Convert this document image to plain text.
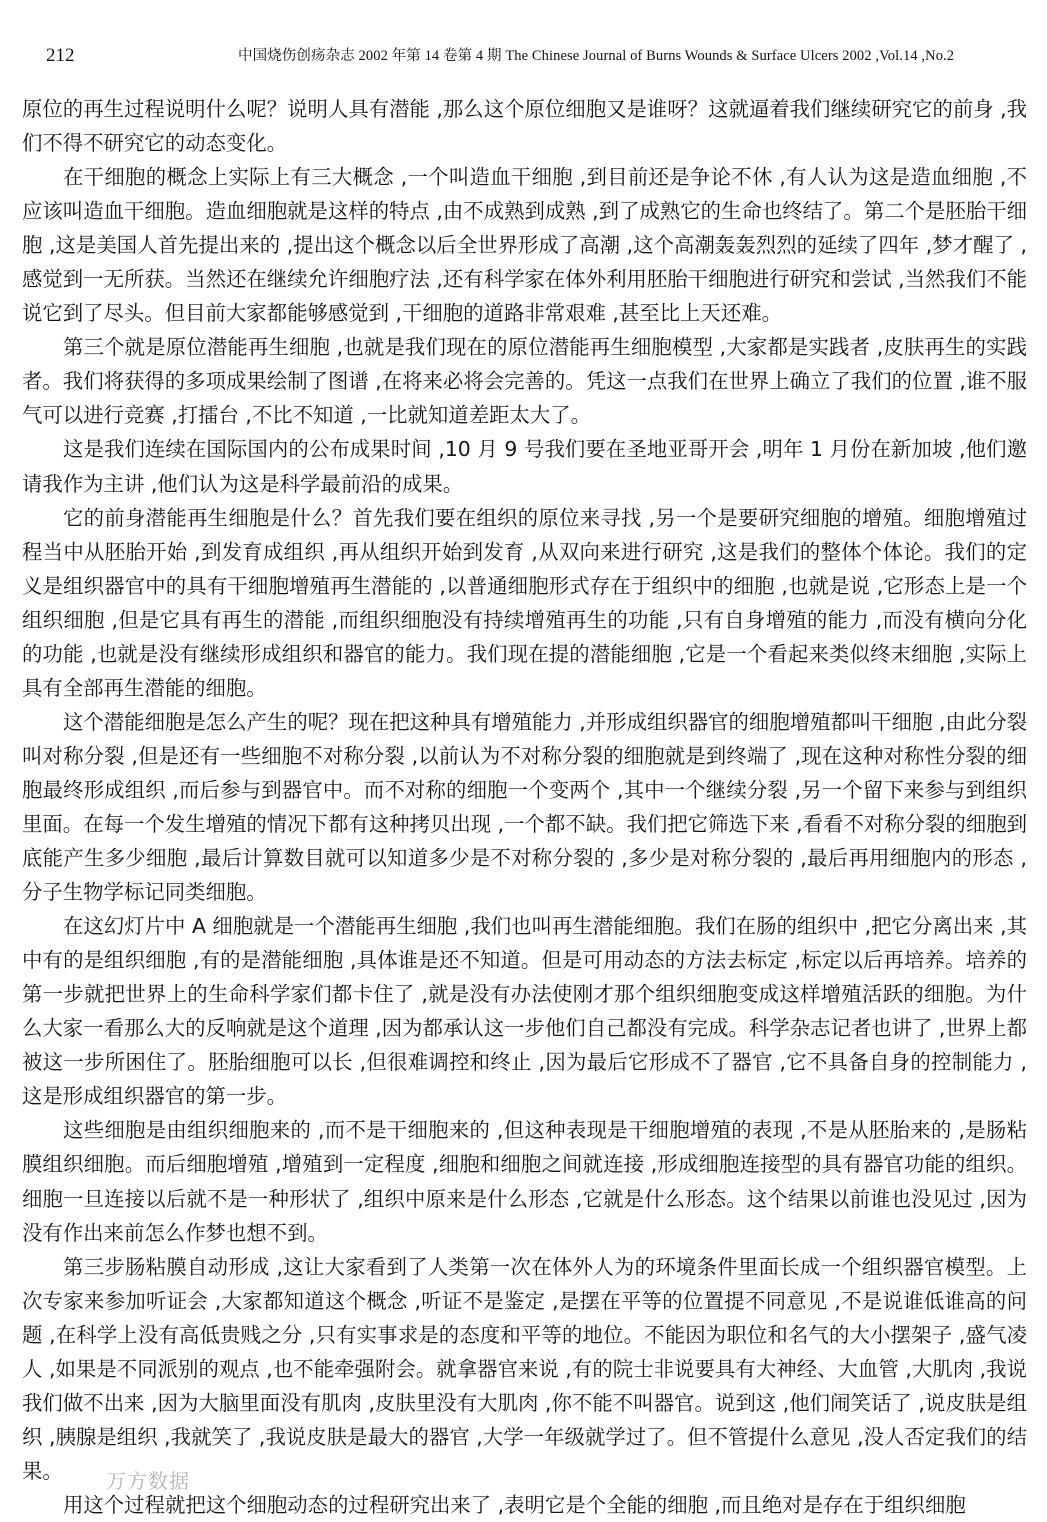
212	中国烧伤创疡杂志 2002 年第 14 卷第 4 期 The Chinese Journal of Burns Wounds & Surface Ulcers 2002 ,Vol.14 ,No.2

原位的再生过程说明什么呢？说明人具有潜能 ,那么这个原位细胞又是谁呀？这就逼着我们继续研究它的前身 ,我们不得不研究它的动态变化。

在干细胞的概念上实际上有三大概念 ,一个叫造血干细胞 ,到目前还是争论不休 ,有人认为这是造血细胞 ,不应该叫造血干细胞。造血细胞就是这样的特点 ,由不成熟到成熟 ,到了成熟它的生命也终结了。第二个是胚胎干细胞 ,这是美国人首先提出来的 ,提出这个概念以后全世界形成了高潮 ,这个高潮轰轰烈烈的延续了四年 ,梦才醒了 ,感觉到一无所获。当然还在继续允许细胞疗法 ,还有科学家在体外利用胚胎干细胞进行研究和尝试 ,当然我们不能说它到了尽头。但目前大家都能够感觉到 ,干细胞的道路非常艰难 ,甚至比上天还难。

第三个就是原位潜能再生细胞 ,也就是我们现在的原位潜能再生细胞模型 ,大家都是实践者 ,皮肤再生的实践者。我们将获得的多项成果绘制了图谱 ,在将来必将会完善的。凭这一点我们在世界上确立了我们的位置 ,谁不服气可以进行竞赛 ,打擂台 ,不比不知道 ,一比就知道差距太大了。

这是我们连续在国际国内的公布成果时间 ,10 月 9 号我们要在圣地亚哥开会 ,明年 1 月份在新加坡 ,他们邀请我作为主讲 ,他们认为这是科学最前沿的成果。

它的前身潜能再生细胞是什么？首先我们要在组织的原位来寻找 ,另一个是要研究细胞的增殖。细胞增殖过程当中从胚胎开始 ,到发育成组织 ,再从组织开始到发育 ,从双向来进行研究 ,这是我们的整体个体论。我们的定义是组织器官中的具有干细胞增殖再生潜能的 ,以普通细胞形式存在于组织中的细胞 ,也就是说 ,它形态上是一个组织细胞 ,但是它具有再生的潜能 ,而组织细胞没有持续增殖再生的功能 ,只有自身增殖的能力 ,而没有横向分化的功能 ,也就是没有继续形成组织和器官的能力。我们现在提的潜能细胞 ,它是一个看起来类似终末细胞 ,实际上具有全部再生潜能的细胞。

这个潜能细胞是怎么产生的呢？现在把这种具有增殖能力 ,并形成组织器官的细胞增殖都叫干细胞 ,由此分裂叫对称分裂 ,但是还有一些细胞不对称分裂 ,以前认为不对称分裂的细胞就是到终端了 ,现在这种对称性分裂的细胞最终形成组织 ,而后参与到器官中。而不对称的细胞一个变两个 ,其中一个继续分裂 ,另一个留下来参与到组织里面。在每一个发生增殖的情况下都有这种拷贝出现 ,一个都不缺。我们把它筛选下来 ,看看不对称分裂的细胞到底能产生多少细胞 ,最后计算数目就可以知道多少是不对称分裂的 ,多少是对称分裂的 ,最后再用细胞内的形态 ,分子生物学标记同类细胞。

在这幻灯片中 A 细胞就是一个潜能再生细胞 ,我们也叫再生潜能细胞。我们在肠的组织中 ,把它分离出来 ,其中有的是组织细胞 ,有的是潜能细胞 ,具体谁是还不知道。但是可用动态的方法去标定 ,标定以后再培养。培养的第一步就把世界上的生命科学家们都卡住了 ,就是没有办法使刚才那个组织细胞变成这样增殖活跃的细胞。为什么大家一看那么大的反响就是这个道理 ,因为都承认这一步他们自己都没有完成。科学杂志记者也讲了 ,世界上都被这一步所困住了。胚胎细胞可以长 ,但很难调控和终止 ,因为最后它形成不了器官 ,它不具备自身的控制能力 ,这是形成组织器官的第一步。

这些细胞是由组织细胞来的 ,而不是干细胞来的 ,但这种表现是干细胞增殖的表现 ,不是从胚胎来的 ,是肠粘膜组织细胞。而后细胞增殖 ,增殖到一定程度 ,细胞和细胞之间就连接 ,形成细胞连接型的具有器官功能的组织。细胞一旦连接以后就不是一种形状了 ,组织中原来是什么形态 ,它就是什么形态。这个结果以前谁也没见过 ,因为没有作出来前怎么作梦也想不到。

第三步肠粘膜自动形成 ,这让大家看到了人类第一次在体外人为的环境条件里面长成一个组织器官模型。上次专家来参加听证会 ,大家都知道这个概念 ,听证不是鉴定 ,是摆在平等的位置提不同意见 ,不是说谁低谁高的问题 ,在科学上没有高低贵贱之分 ,只有实事求是的态度和平等的地位。不能因为职位和名气的大小摆架子 ,盛气凌人 ,如果是不同派别的观点 ,也不能牵强附会。就拿器官来说 ,有的院士非说要具有大神经、大血管 ,大肌肉 ,我说我们做不出来 ,因为大脑里面没有肌肉 ,皮肤里没有大肌肉 ,你不能不叫器官。说到这 ,他们闹笑话了 ,说皮肤是组织 ,胰腺是组织 ,我就笑了 ,我说皮肤是最大的器官 ,大学一年级就学过了。但不管提什么意见 ,没人否定我们的结果。

用这个过程就把这个细胞动态的过程研究出来了 ,表明它是个全能的细胞 ,而且绝对是存在于组织细胞

万方数据
